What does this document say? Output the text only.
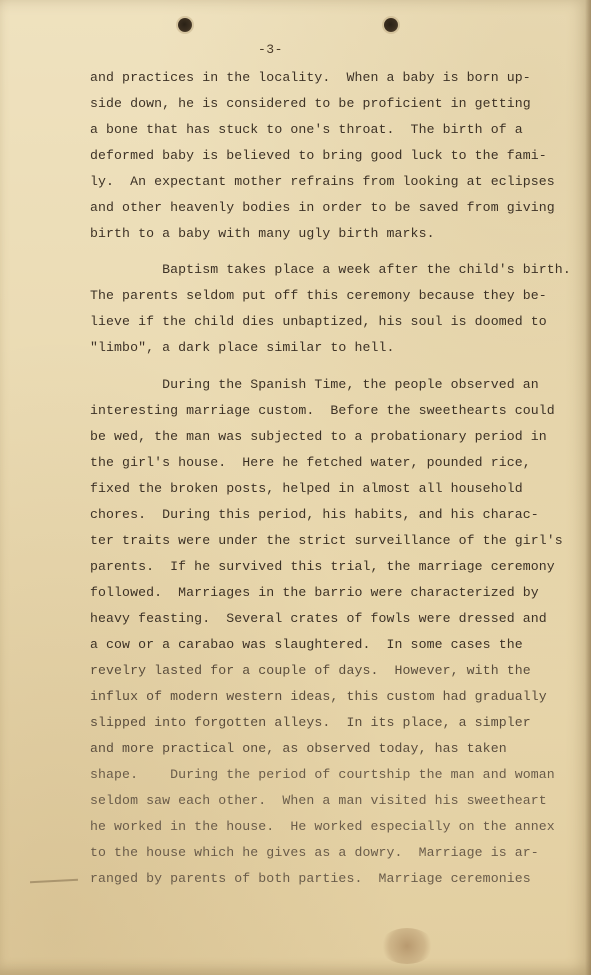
-3-
and practices in the locality.  When a baby is born up-
side down, he is considered to be proficient in getting
a bone that has stuck to one's throat.  The birth of a
deformed baby is believed to bring good luck to the fami-
ly.  An expectant mother refrains from looking at eclipses
and other heavenly bodies in order to be saved from giving
birth to a baby with many ugly birth marks.
Baptism takes place a week after the child's birth.
The parents seldom put off this ceremony because they be-
lieve if the child dies unbaptized, his soul is doomed to
"limbo", a dark place similar to hell.
During the Spanish Time, the people observed an
interesting marriage custom.  Before the sweethearts could
be wed, the man was subjected to a probationary period in
the girl's house.  Here he fetched water, pounded rice,
fixed the broken posts, helped in almost all household
chores.  During this period, his habits, and his charac-
ter traits were under the strict surveillance of the girl's
parents.  If he survived this trial, the marriage ceremony
followed.  Marriages in the barrio were characterized by
heavy feasting.  Several crates of fowls were dressed and
a cow or a carabao was slaughtered.  In some cases the
revelry lasted for a couple of days.  However, with the
influx of modern western ideas, this custom had gradually
slipped into forgotten alleys.  In its place, a simpler
and more practical one, as observed today, has taken
shape.    During the period of courtship the man and woman
seldom saw each other.  When a man visited his sweetheart
he worked in the house.  He worked especially on the annex
to the house which he gives as a dowry.  Marriage is ar-
ranged by parents of both parties.  Marriage ceremonies
